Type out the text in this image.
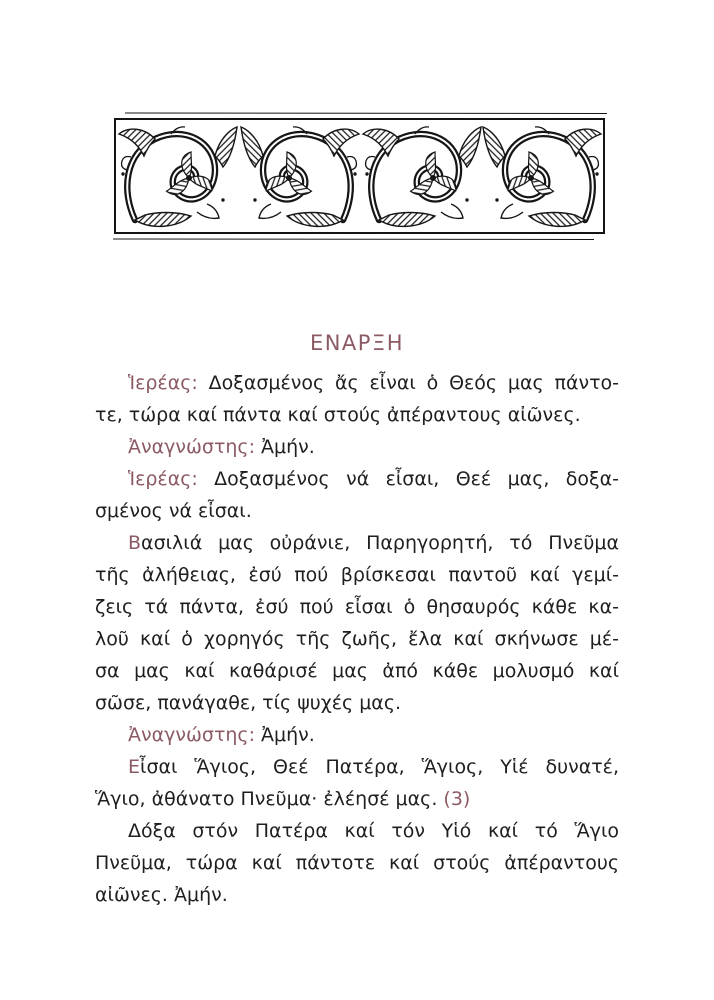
ΕΝΑΡΞΗ
Ἱερέας: Δοξασμένος ἄς εἶναι ὁ Θεός μας πάντο-
τε, τώρα καί πάντα καί στούς ἀπέραντους αἰῶνες.
Ἀναγνώστης: Ἀμήν.
Ἱερέας: Δοξασμένος νά εἶσαι, Θεέ μας, δοξα-
σμένος νά εἶσαι.
Βασιλιά μας οὐράνιε, Παρηγορητή, τό Πνεῦμα
τῆς ἀλήθειας, ἐσύ πού βρίσκεσαι παντοῦ καί γεμί-
ζεις τά πάντα, ἐσύ πού εἶσαι ὁ θησαυρός κάθε κα-
λοῦ καί ὁ χορηγός τῆς ζωῆς, ἔλα καί σκήνωσε μέ-
σα μας καί καθάρισέ μας ἀπό κάθε μολυσμό καί
σῶσε, πανάγαθε, τίς ψυχές μας.
Ἀναγνώστης: Ἀμήν.
Εἶσαι Ἅγιος, Θεέ Πατέρα, Ἅγιος, Υἱέ δυνατέ,
Ἅγιο, ἀθάνατο Πνεῦμα· ἐλέησέ μας. (3)
Δόξα στόν Πατέρα καί τόν Υἱό καί τό Ἅγιο
Πνεῦμα, τώρα καί πάντοτε καί στούς ἀπέραντους
αἰῶνες. Ἀμήν.
